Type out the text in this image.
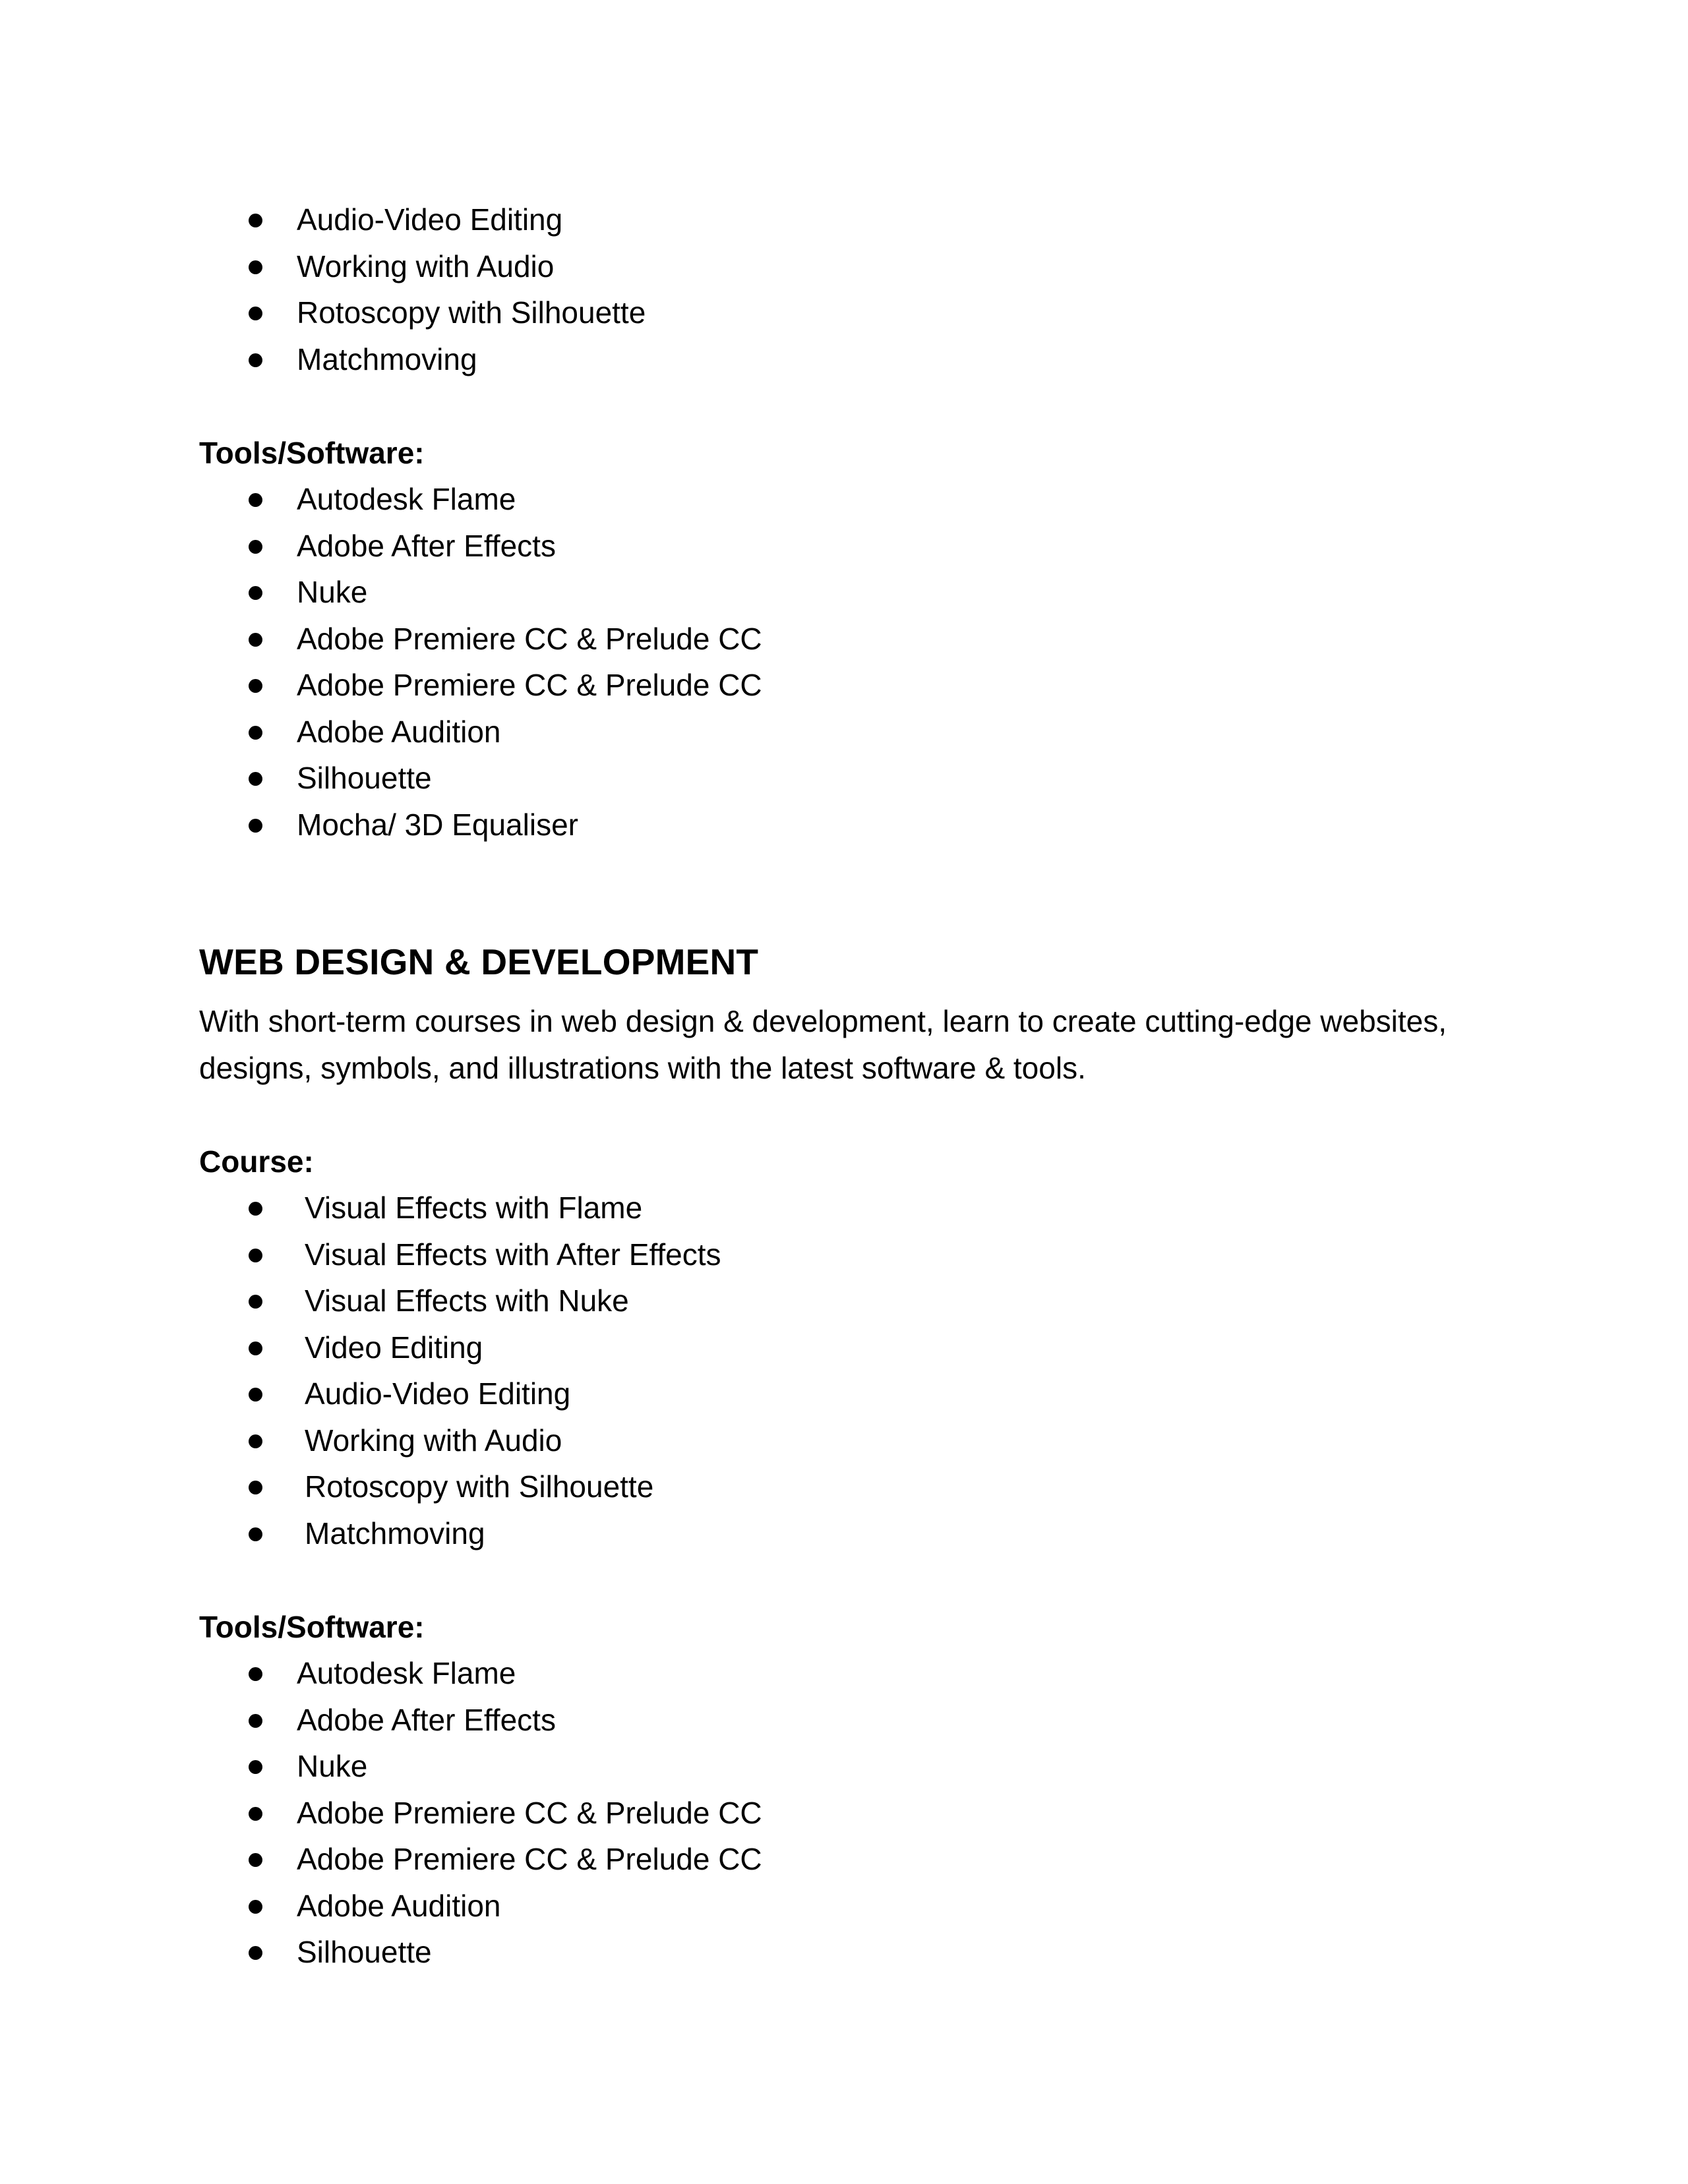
Audio-Video Editing
Working with Audio
Rotoscopy with Silhouette
Matchmoving

Tools/Software:

Autodesk Flame
Adobe After Effects
Nuke
Adobe Premiere CC & Prelude CC
Adobe Premiere CC & Prelude CC
Adobe Audition
Silhouette
Mocha/ 3D Equaliser
WEB DESIGN & DEVELOPMENT

With short-term courses in web design & development, learn to create cutting-edge websites, designs, symbols, and illustrations with the latest software & tools.

Course:

Visual Effects with Flame
Visual Effects with After Effects
Visual Effects with Nuke
Video Editing
Audio-Video Editing
Working with Audio
Rotoscopy with Silhouette
Matchmoving

Tools/Software:

Autodesk Flame
Adobe After Effects
Nuke
Adobe Premiere CC & Prelude CC
Adobe Premiere CC & Prelude CC
Adobe Audition
Silhouette
